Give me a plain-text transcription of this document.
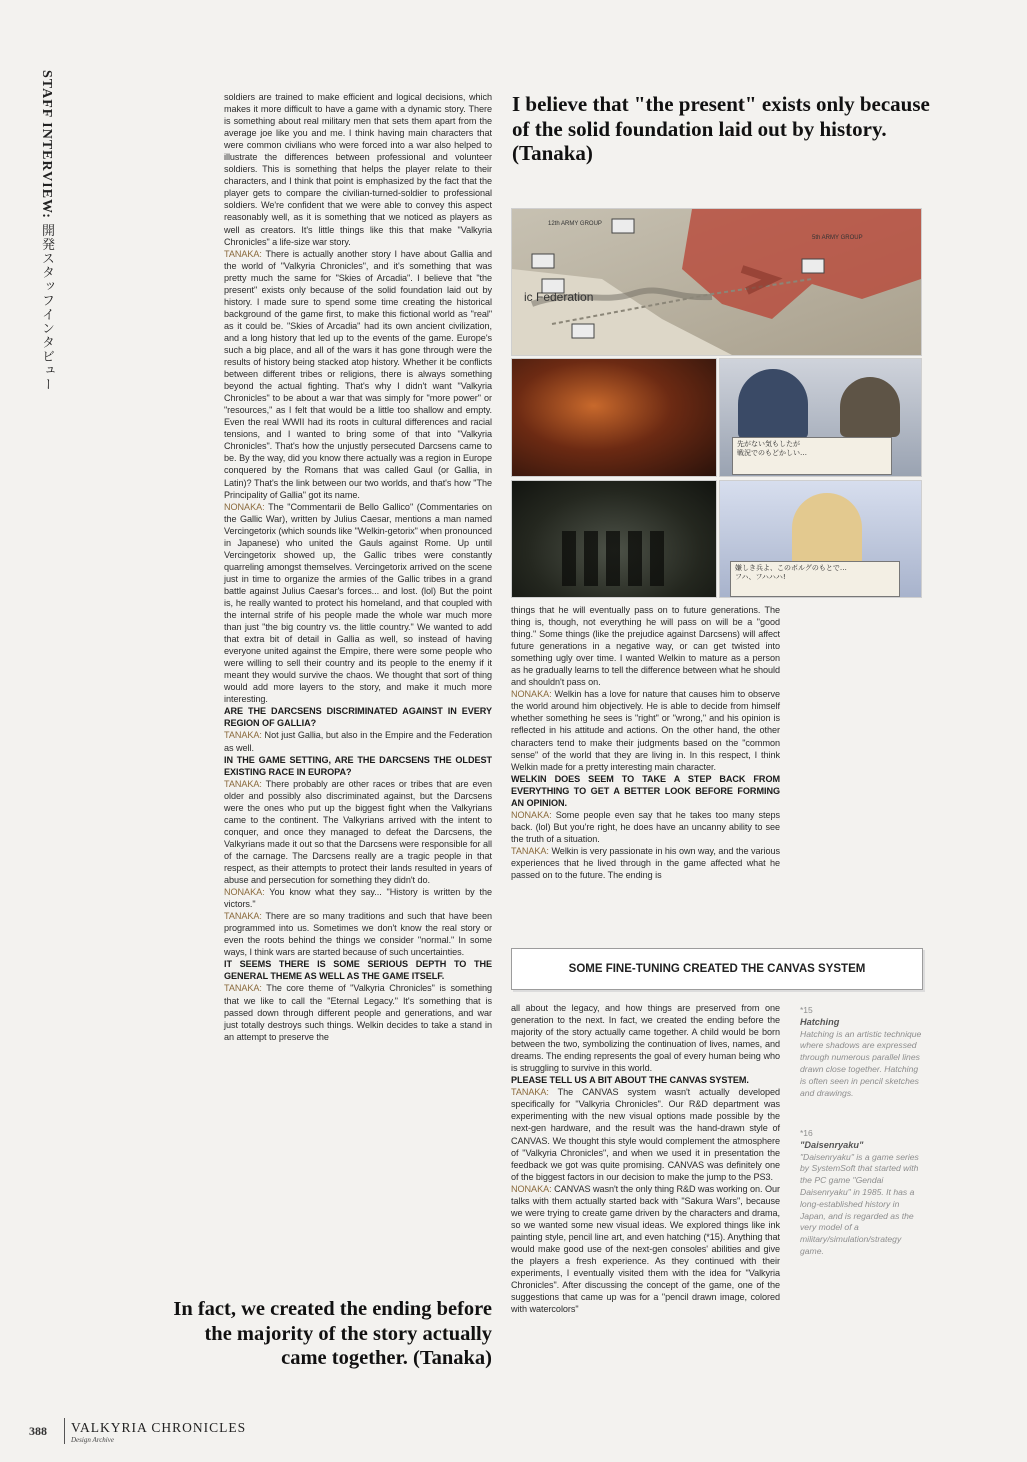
STAFF INTERVIEW: 開発スタッフインタビュー

soldiers are trained to make efficient and logical decisions, which makes it more difficult to have a game with a dynamic story. There is something about real military men that sets them apart from the average joe like you and me. I think having main characters that were common civilians who were forced into a war also helped to illustrate the differences between professional and volunteer soldiers. This is something that helps the player relate to their characters, and I think that point is emphasized by the fact that the player gets to compare the civilian-turned-soldier to professional soldiers. We're confident that we were able to convey this aspect reasonably well, as it is something that we noticed as players as well as creators. It's little things like this that make "Valkyria Chronicles" a life-size war story.

TANAKA: There is actually another story I have about Gallia and the world of "Valkyria Chronicles", and it's something that was pretty much the same for "Skies of Arcadia". I believe that "the present" exists only because of the solid foundation laid out by history. I made sure to spend some time creating the historical background of the game first, to make this fictional world as "real" as it could be. "Skies of Arcadia" had its own ancient civilization, and a long history that led up to the events of the game. Europe's such a big place, and all of the wars it has gone through were the results of history being stacked atop history. Whether it be conflicts between different tribes or religions, there is always something beyond the actual fighting. That's why I didn't want "Valkyria Chronicles" to be about a war that was simply for "more power" or "resources," as I felt that would be a little too shallow and empty. Even the real WWII had its roots in cultural differences and racial tensions, and I wanted to bring some of that into "Valkyria Chronicles". That's how the unjustly persecuted Darcsens came to be. By the way, did you know there actually was a region in Europe conquered by the Romans that was called Gaul (or Gallia, in Latin)? That's the link between our two worlds, and that's how "The Principality of Gallia" got its name.

NONAKA: The "Commentarii de Bello Gallico" (Commentaries on the Gallic War), written by Julius Caesar, mentions a man named Vercingetorix (which sounds like "Welkin-getorix" when pronounced in Japanese) who united the Gauls against Rome. Up until Vercingetorix showed up, the Gallic tribes were constantly quarreling amongst themselves. Vercingetorix arrived on the scene just in time to organize the armies of the Gallic tribes in a grand battle against Julius Caesar's forces... and lost. (lol) But the point is, he really wanted to protect his homeland, and that coupled with the internal strife of his people made the whole war much more than just "the big country vs. the little country." We wanted to add that extra bit of detail in Gallia as well, so instead of having everyone united against the Empire, there were some people who were willing to sell their country and its people to the enemy if it meant they would survive the chaos. We thought that sort of thing would add more layers to the story, and make it much more interesting.

ARE THE DARCSENS DISCRIMINATED AGAINST IN EVERY REGION OF GALLIA?

TANAKA: Not just Gallia, but also in the Empire and the Federation as well.

IN THE GAME SETTING, ARE THE DARCSENS THE OLDEST EXISTING RACE IN EUROPA?

TANAKA: There probably are other races or tribes that are even older and possibly also discriminated against, but the Darcsens were the ones who put up the biggest fight when the Valkyrians came to the continent. The Valkyrians arrived with the intent to conquer, and once they managed to defeat the Darcsens, the Valkyrians made it out so that the Darcsens were responsible for all of the carnage. The Darcsens really are a tragic people in that respect, as their attempts to protect their lands resulted in years of abuse and persecution for something they didn't do.

NONAKA: You know what they say... "History is written by the victors."

TANAKA: There are so many traditions and such that have been programmed into us. Sometimes we don't know the real story or even the roots behind the things we consider "normal." In some ways, I think wars are started because of such uncertainties.

IT SEEMS THERE IS SOME SERIOUS DEPTH TO THE GENERAL THEME AS WELL AS THE GAME ITSELF.

TANAKA: The core theme of "Valkyria Chronicles" is something that we like to call the "Eternal Legacy." It's something that is passed down through different people and generations, and war just totally destroys such things. Welkin decides to take a stand in an attempt to preserve the

I believe that "the present" exists only because of the solid foundation laid out by history. (Tanaka)
12th ARMY GROUP
5th ARMY GROUP
ic Federation
先がない気もしたが
戦況でのもどかしい…
嫌しき兵よ、このボルグのもとで…
フハ、フハハハ!

things that he will eventually pass on to future generations. The thing is, though, not everything he will pass on will be a "good thing." Some things (like the prejudice against Darcsens) will affect future generations in a negative way, or can get twisted into something ugly over time. I wanted Welkin to mature as a person as he gradually learns to tell the difference between what he should and shouldn't pass on.

NONAKA: Welkin has a love for nature that causes him to observe the world around him objectively. He is able to decide from himself whether something he sees is "right" or "wrong," and his opinion is reflected in his attitude and actions. On the other hand, the other characters tend to make their judgments based on the "common sense" of the world that they are living in. In this respect, I think Welkin made for a pretty interesting main character.

WELKIN DOES SEEM TO TAKE A STEP BACK FROM EVERYTHING TO GET A BETTER LOOK BEFORE FORMING AN OPINION.

NONAKA: Some people even say that he takes too many steps back. (lol) But you're right, he does have an uncanny ability to see the truth of a situation.

TANAKA: Welkin is very passionate in his own way, and the various experiences that he lived through in the game affected what he passed on to the future. The ending is

SOME FINE-TUNING CREATED THE CANVAS SYSTEM

all about the legacy, and how things are preserved from one generation to the next. In fact, we created the ending before the majority of the story actually came together. A child would be born between the two, symbolizing the continuation of lives, names, and dreams. The ending represents the goal of every human being who is struggling to survive in this world.

PLEASE TELL US A BIT ABOUT THE CANVAS SYSTEM.

TANAKA: The CANVAS system wasn't actually developed specifically for "Valkyria Chronicles". Our R&D department was experimenting with the new visual options made possible by the next-gen hardware, and the result was the hand-drawn style of CANVAS. We thought this style would complement the atmosphere of "Valkyria Chronicles", and when we used it in presentation the feedback we got was quite promising. CANVAS was definitely one of the biggest factors in our decision to make the jump to the PS3.

NONAKA: CANVAS wasn't the only thing R&D was working on. Our talks with them actually started back with "Sakura Wars", because we were trying to create game driven by the characters and drama, so we wanted some new visual ideas. We explored things like ink painting style, pencil line art, and even hatching (*15). Anything that would make good use of the next-gen consoles' abilities and give the players a fresh experience. As they continued with their experiments, I eventually visited them with the idea for "Valkyria Chronicles". After discussing the concept of the game, one of the suggestions that came up was for a "pencil drawn image, colored with watercolors"

*15
Hatching
Hatching is an artistic technique where shadows are expressed through numerous parallel lines drawn close together. Hatching is often seen in pencil sketches and drawings.
*16
"Daisenryaku"
"Daisenryaku" is a game series by SystemSoft that started with the PC game "Gendai Daisenryaku" in 1985. It has a long-established history in Japan, and is regarded as the very model of a military/simulation/strategy game.
In fact, we created the ending before the majority of the story actually came together. (Tanaka)
388 VALKYRIA CHRONICLES
Design Archive
